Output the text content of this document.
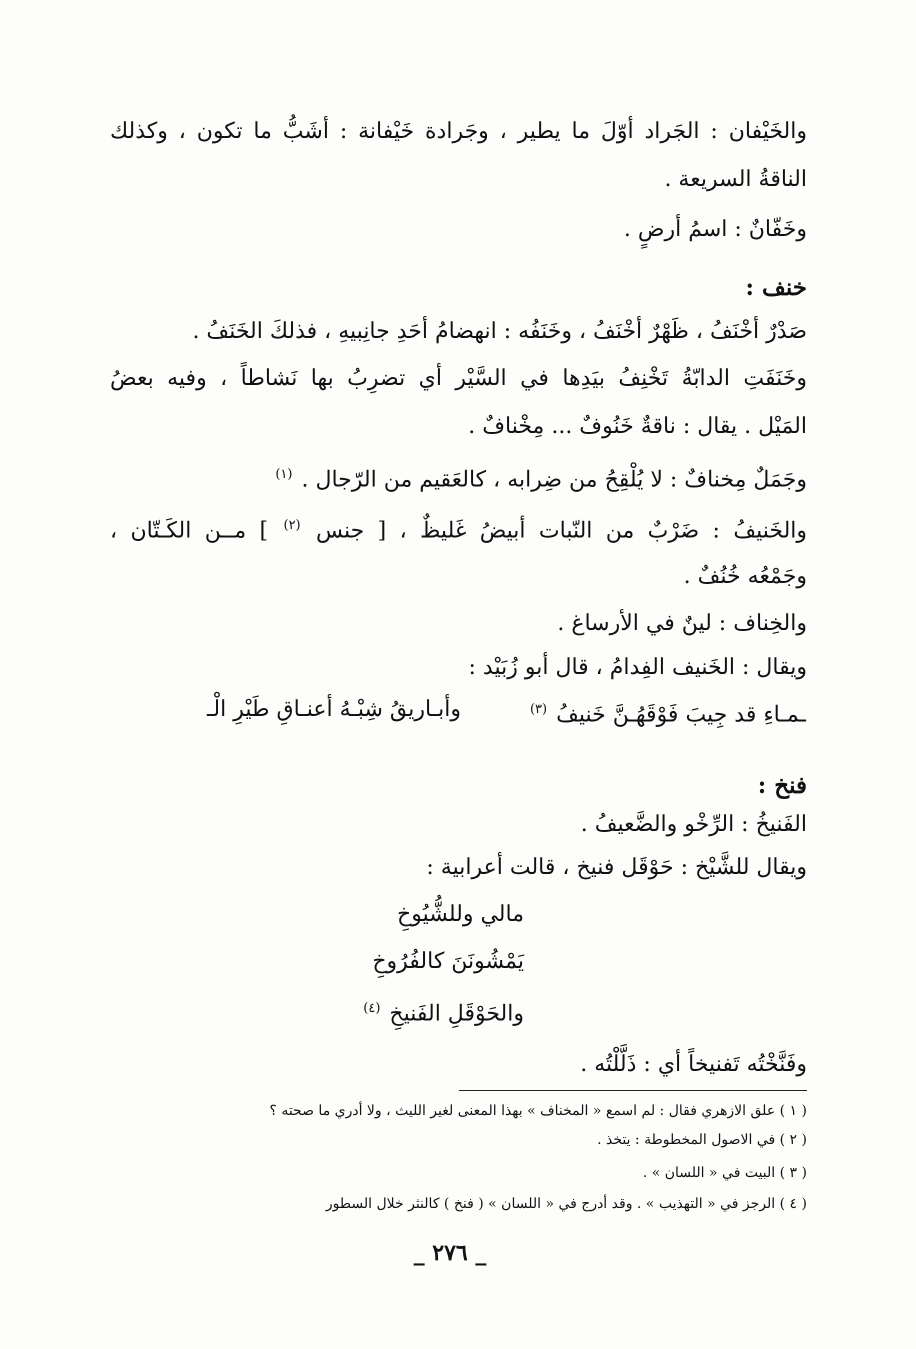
والخَيْفان : الجَراد أوّلَ ما يطير ، وجَرادة خَيْفانة : أشَبُّ ما تكون ، وكذلك
الناقةُ السريعة .
وخَفّانٌ : اسمُ أرضٍ .
خنف :
صَدْرٌ أخْنَفُ ، ظَهْرٌ أخْنَفُ ، وخَنَفُه : انهضامُ أحَدِ جانِبيهِ ، فذلكَ الخَنَفُ .
وخَنَفَتِ الدابّةُ تَخْنِفُ بيَدِها في السَّيْر أي تضرِبُ بها نَشاطاً ، وفيه بعضُ
المَيْل . يقال : ناقةٌ خَنُوفٌ ... مِخْنافٌ .
وجَمَلٌ مِخنافٌ : لا يُلْقِحُ من ضِرابه ، كالعَقيم من الرّجال . $^{(١)}$
والخَنيفُ : ضَرْبٌ من النّبات أبيضُ غَليظٌ ، [ جنس $^{(٢)}$ ] مــن الكَـتّان ،
وجَمْعُه خُنُفٌ .
والخِناف : لينٌ في الأرساغ .
ويقال : الخَنيف الفِدامُ ، قال أبو زُبَيْد :
وأبـاريقُ شِبْـهُ أعنـاقِ طَيْرِ الْـ	ـمـاءِ قد جِيبَ فَوْقَهُـنَّ خَنيفُ $^{(٣)}$
فنخ :
الفَنيخُ : الرِّخْو والضَّعيفُ .
ويقال للشَّيْخ : حَوْقَل فنيخ ، قالت أعرابية :
مالي وللشُّيُوخِ
يَمْشُونَنَ كالفُرُوخِ
والحَوْقَلِ الفَنيخِ $^{(٤)}$
وفَنَّخْتُه تَفنيخاً أي : ذَلَّلْتُه .
( ١ ) علق الازهري فقال : لم اسمع « المخناف » بهذا المعنى لغير الليث ، ولا أدري ما صحته ؟
( ٢ ) في الاصول المخطوطة : يتخذ .
( ٣ ) البيت في « اللسان » .
( ٤ ) الرجز في « التهذيب » . وقد أدرج في « اللسان » ( فنخ ) كالنثر خلال السطور
_ ٢٧٦ _
